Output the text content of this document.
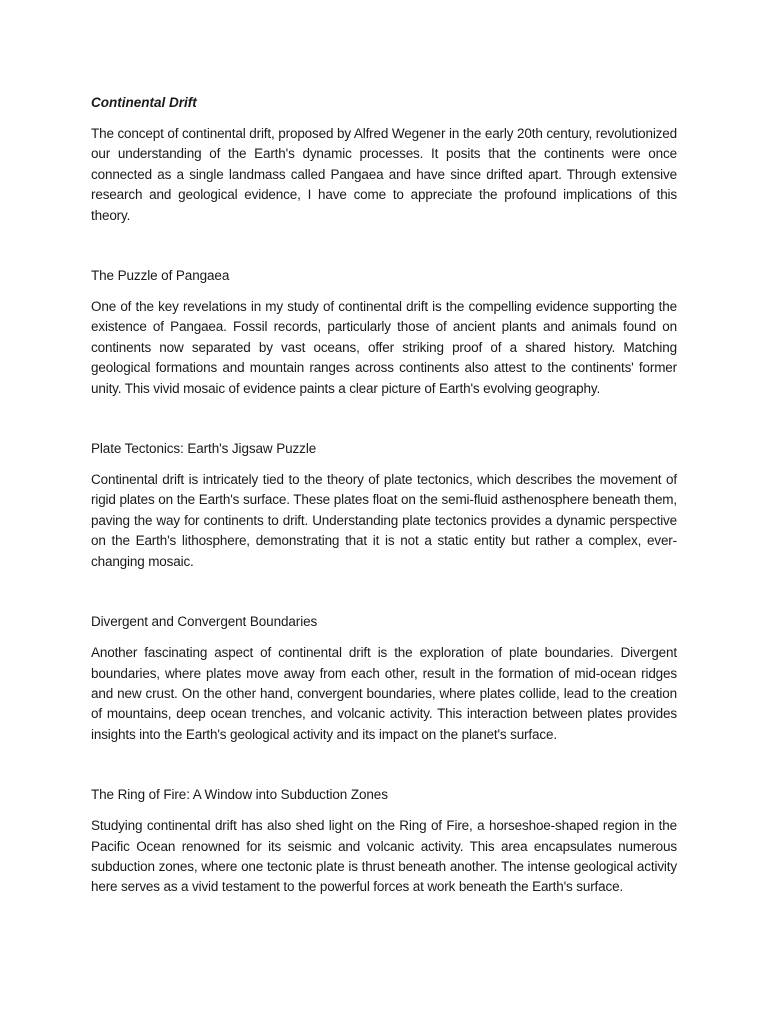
Continental Drift

The concept of continental drift, proposed by Alfred Wegener in the early 20th century, revolutionized our understanding of the Earth's dynamic processes. It posits that the continents were once connected as a single landmass called Pangaea and have since drifted apart. Through extensive research and geological evidence, I have come to appreciate the profound implications of this theory.

The Puzzle of Pangaea

One of the key revelations in my study of continental drift is the compelling evidence supporting the existence of Pangaea. Fossil records, particularly those of ancient plants and animals found on continents now separated by vast oceans, offer striking proof of a shared history. Matching geological formations and mountain ranges across continents also attest to the continents' former unity. This vivid mosaic of evidence paints a clear picture of Earth's evolving geography.

Plate Tectonics: Earth's Jigsaw Puzzle

Continental drift is intricately tied to the theory of plate tectonics, which describes the movement of rigid plates on the Earth's surface. These plates float on the semi-fluid asthenosphere beneath them, paving the way for continents to drift. Understanding plate tectonics provides a dynamic perspective on the Earth's lithosphere, demonstrating that it is not a static entity but rather a complex, ever-changing mosaic.

Divergent and Convergent Boundaries

Another fascinating aspect of continental drift is the exploration of plate boundaries. Divergent boundaries, where plates move away from each other, result in the formation of mid-ocean ridges and new crust. On the other hand, convergent boundaries, where plates collide, lead to the creation of mountains, deep ocean trenches, and volcanic activity. This interaction between plates provides insights into the Earth's geological activity and its impact on the planet's surface.

The Ring of Fire: A Window into Subduction Zones

Studying continental drift has also shed light on the Ring of Fire, a horseshoe-shaped region in the Pacific Ocean renowned for its seismic and volcanic activity. This area encapsulates numerous subduction zones, where one tectonic plate is thrust beneath another. The intense geological activity here serves as a vivid testament to the powerful forces at work beneath the Earth's surface.
